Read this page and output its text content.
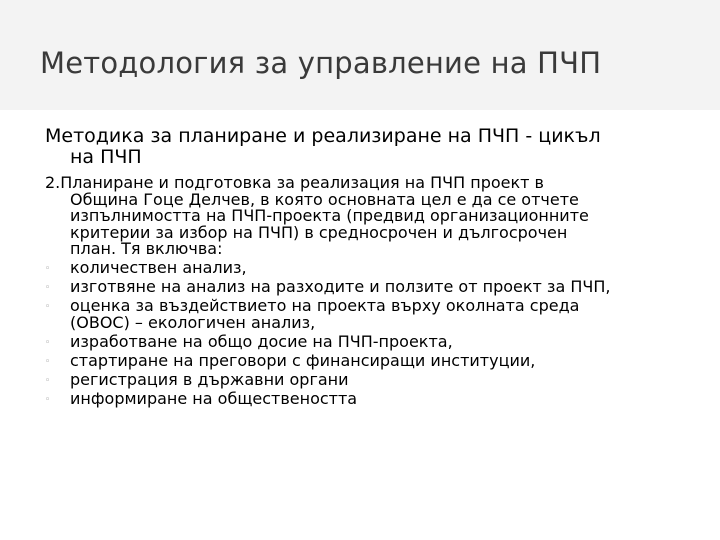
Методология за управление на ПЧП
Методика за планиране и реализиране на ПЧП - цикъл
на ПЧП
2.Планиране и подготовка за реализация на ПЧП проект в
Община Гоце Делчев, в която основната цел е да се отчете
изпълнимостта на ПЧП-проекта (предвид организационните
критерии за избор на ПЧП) в средносрочен и дългосрочен
план. Тя включва:
◦ количествен анализ,
◦ изготвяне на анализ на разходите и ползите от проект за ПЧП,
◦ оценка за въздействието на проекта върху околната среда
(ОВОС) – екологичен анализ,
◦ изработване на общо досие на ПЧП-проекта,
◦ стартиране на преговори с финансиращи институции,
◦ регистрация в държавни органи
◦ информиране на обществеността
